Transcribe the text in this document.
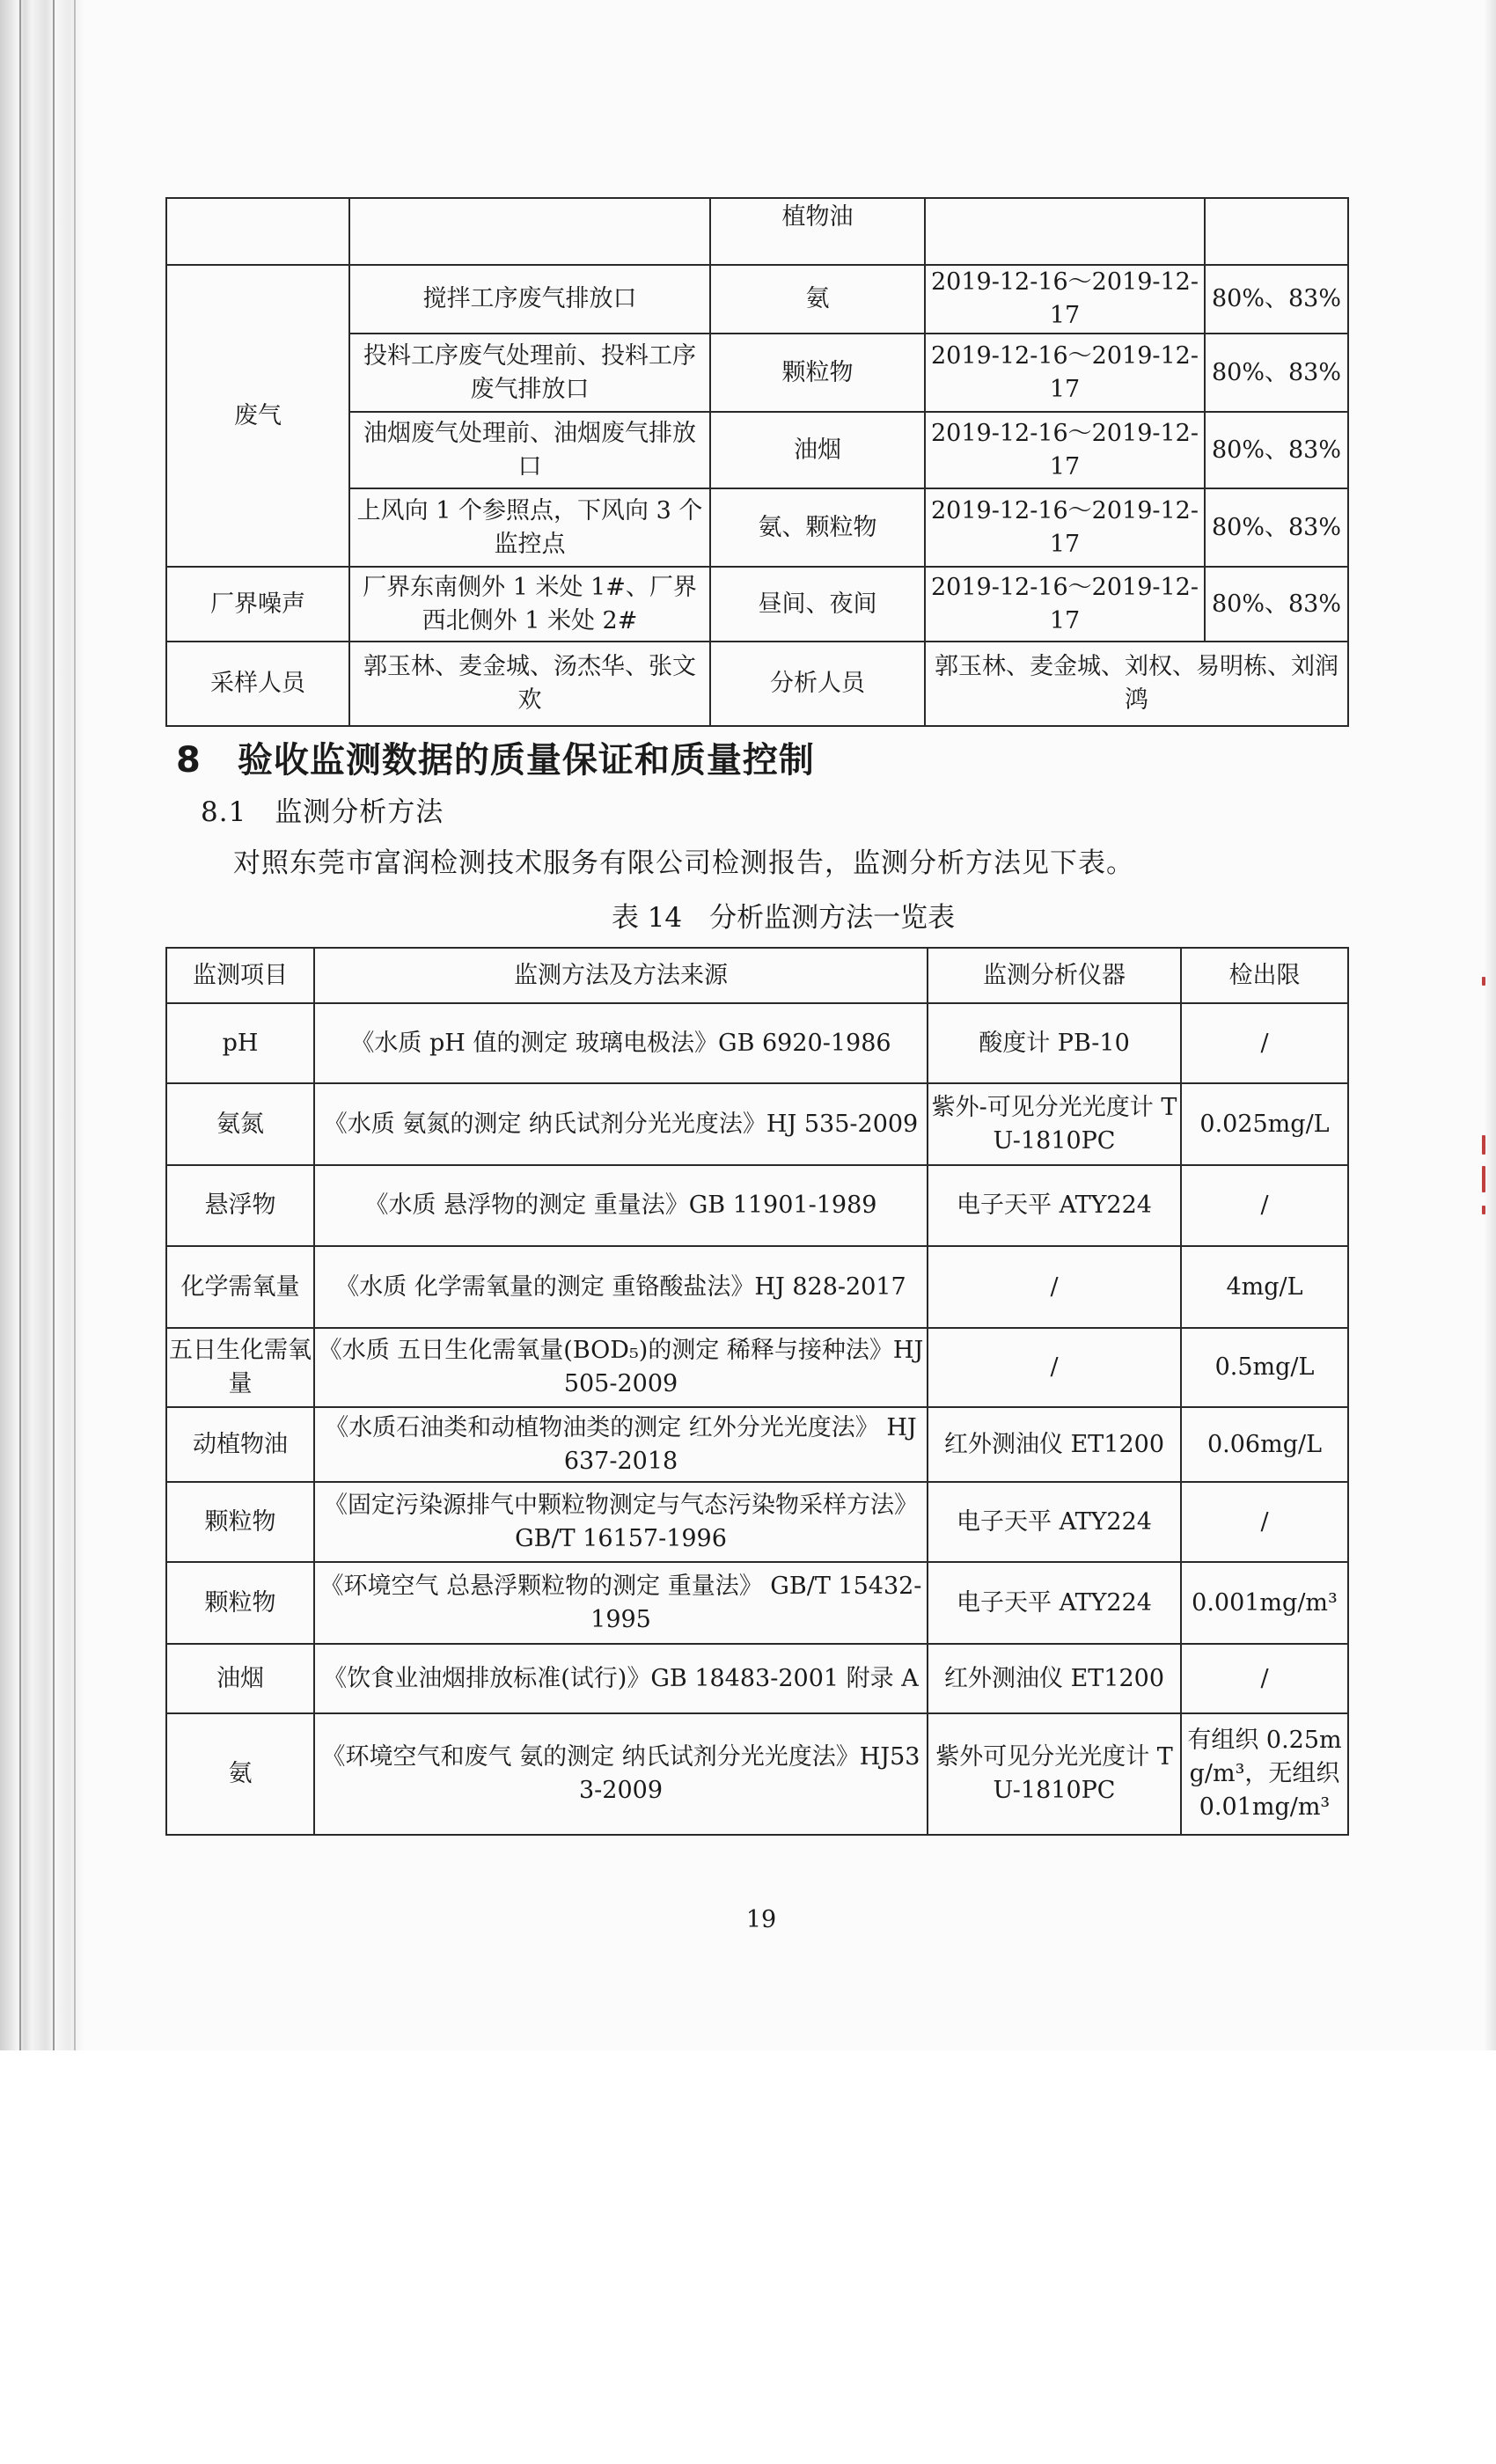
		植物油		
废气	搅拌工序废气排放口	氨	2019-12-16～2019-12-17	80%、83%
	投料工序废气处理前、投料工序废气排放口	颗粒物	2019-12-16～2019-12-17	80%、83%
	油烟废气处理前、油烟废气排放口	油烟	2019-12-16～2019-12-17	80%、83%
	上风向 1 个参照点，下风向 3 个监控点	氨、颗粒物	2019-12-16～2019-12-17	80%、83%
厂界噪声	厂界东南侧外 1 米处 1#、厂界西北侧外 1 米处 2#	昼间、夜间	2019-12-16～2019-12-17	80%、83%
采样人员	郭玉林、麦金城、汤杰华、张文欢	分析人员	郭玉林、麦金城、刘权、易明栋、刘润鸿	
8　验收监测数据的质量保证和质量控制
8.1　监测分析方法
对照东莞市富润检测技术服务有限公司检测报告，监测分析方法见下表。
表 14　分析监测方法一览表
监测项目	监测方法及方法来源	监测分析仪器	检出限
pH	《水质 pH 值的测定 玻璃电极法》GB 6920-1986	酸度计 PB-10	/
氨氮	《水质 氨氮的测定 纳氏试剂分光光度法》HJ 535-2009	紫外-可见分光光度计 TU-1810PC	0.025mg/L
悬浮物	《水质 悬浮物的测定 重量法》GB 11901-1989	电子天平 ATY224	/
化学需氧量	《水质 化学需氧量的测定 重铬酸盐法》HJ 828-2017	/	4mg/L
五日生化需氧量	《水质 五日生化需氧量(BOD₅)的测定 稀释与接种法》HJ 505-2009	/	0.5mg/L
动植物油	《水质石油类和动植物油类的测定 红外分光光度法》 HJ 637-2018	红外测油仪 ET1200	0.06mg/L
颗粒物	《固定污染源排气中颗粒物测定与气态污染物采样方法》GB/T 16157-1996	电子天平 ATY224	/
颗粒物	《环境空气 总悬浮颗粒物的测定 重量法》 GB/T 15432-1995	电子天平 ATY224	0.001mg/m³
油烟	《饮食业油烟排放标准(试行)》GB 18483-2001 附录 A	红外测油仪 ET1200	/
氨	《环境空气和废气 氨的测定 纳氏试剂分光光度法》HJ533-2009	紫外可见分光光度计 TU-1810PC	有组织 0.25mg/m³，无组织 0.01mg/m³
19
